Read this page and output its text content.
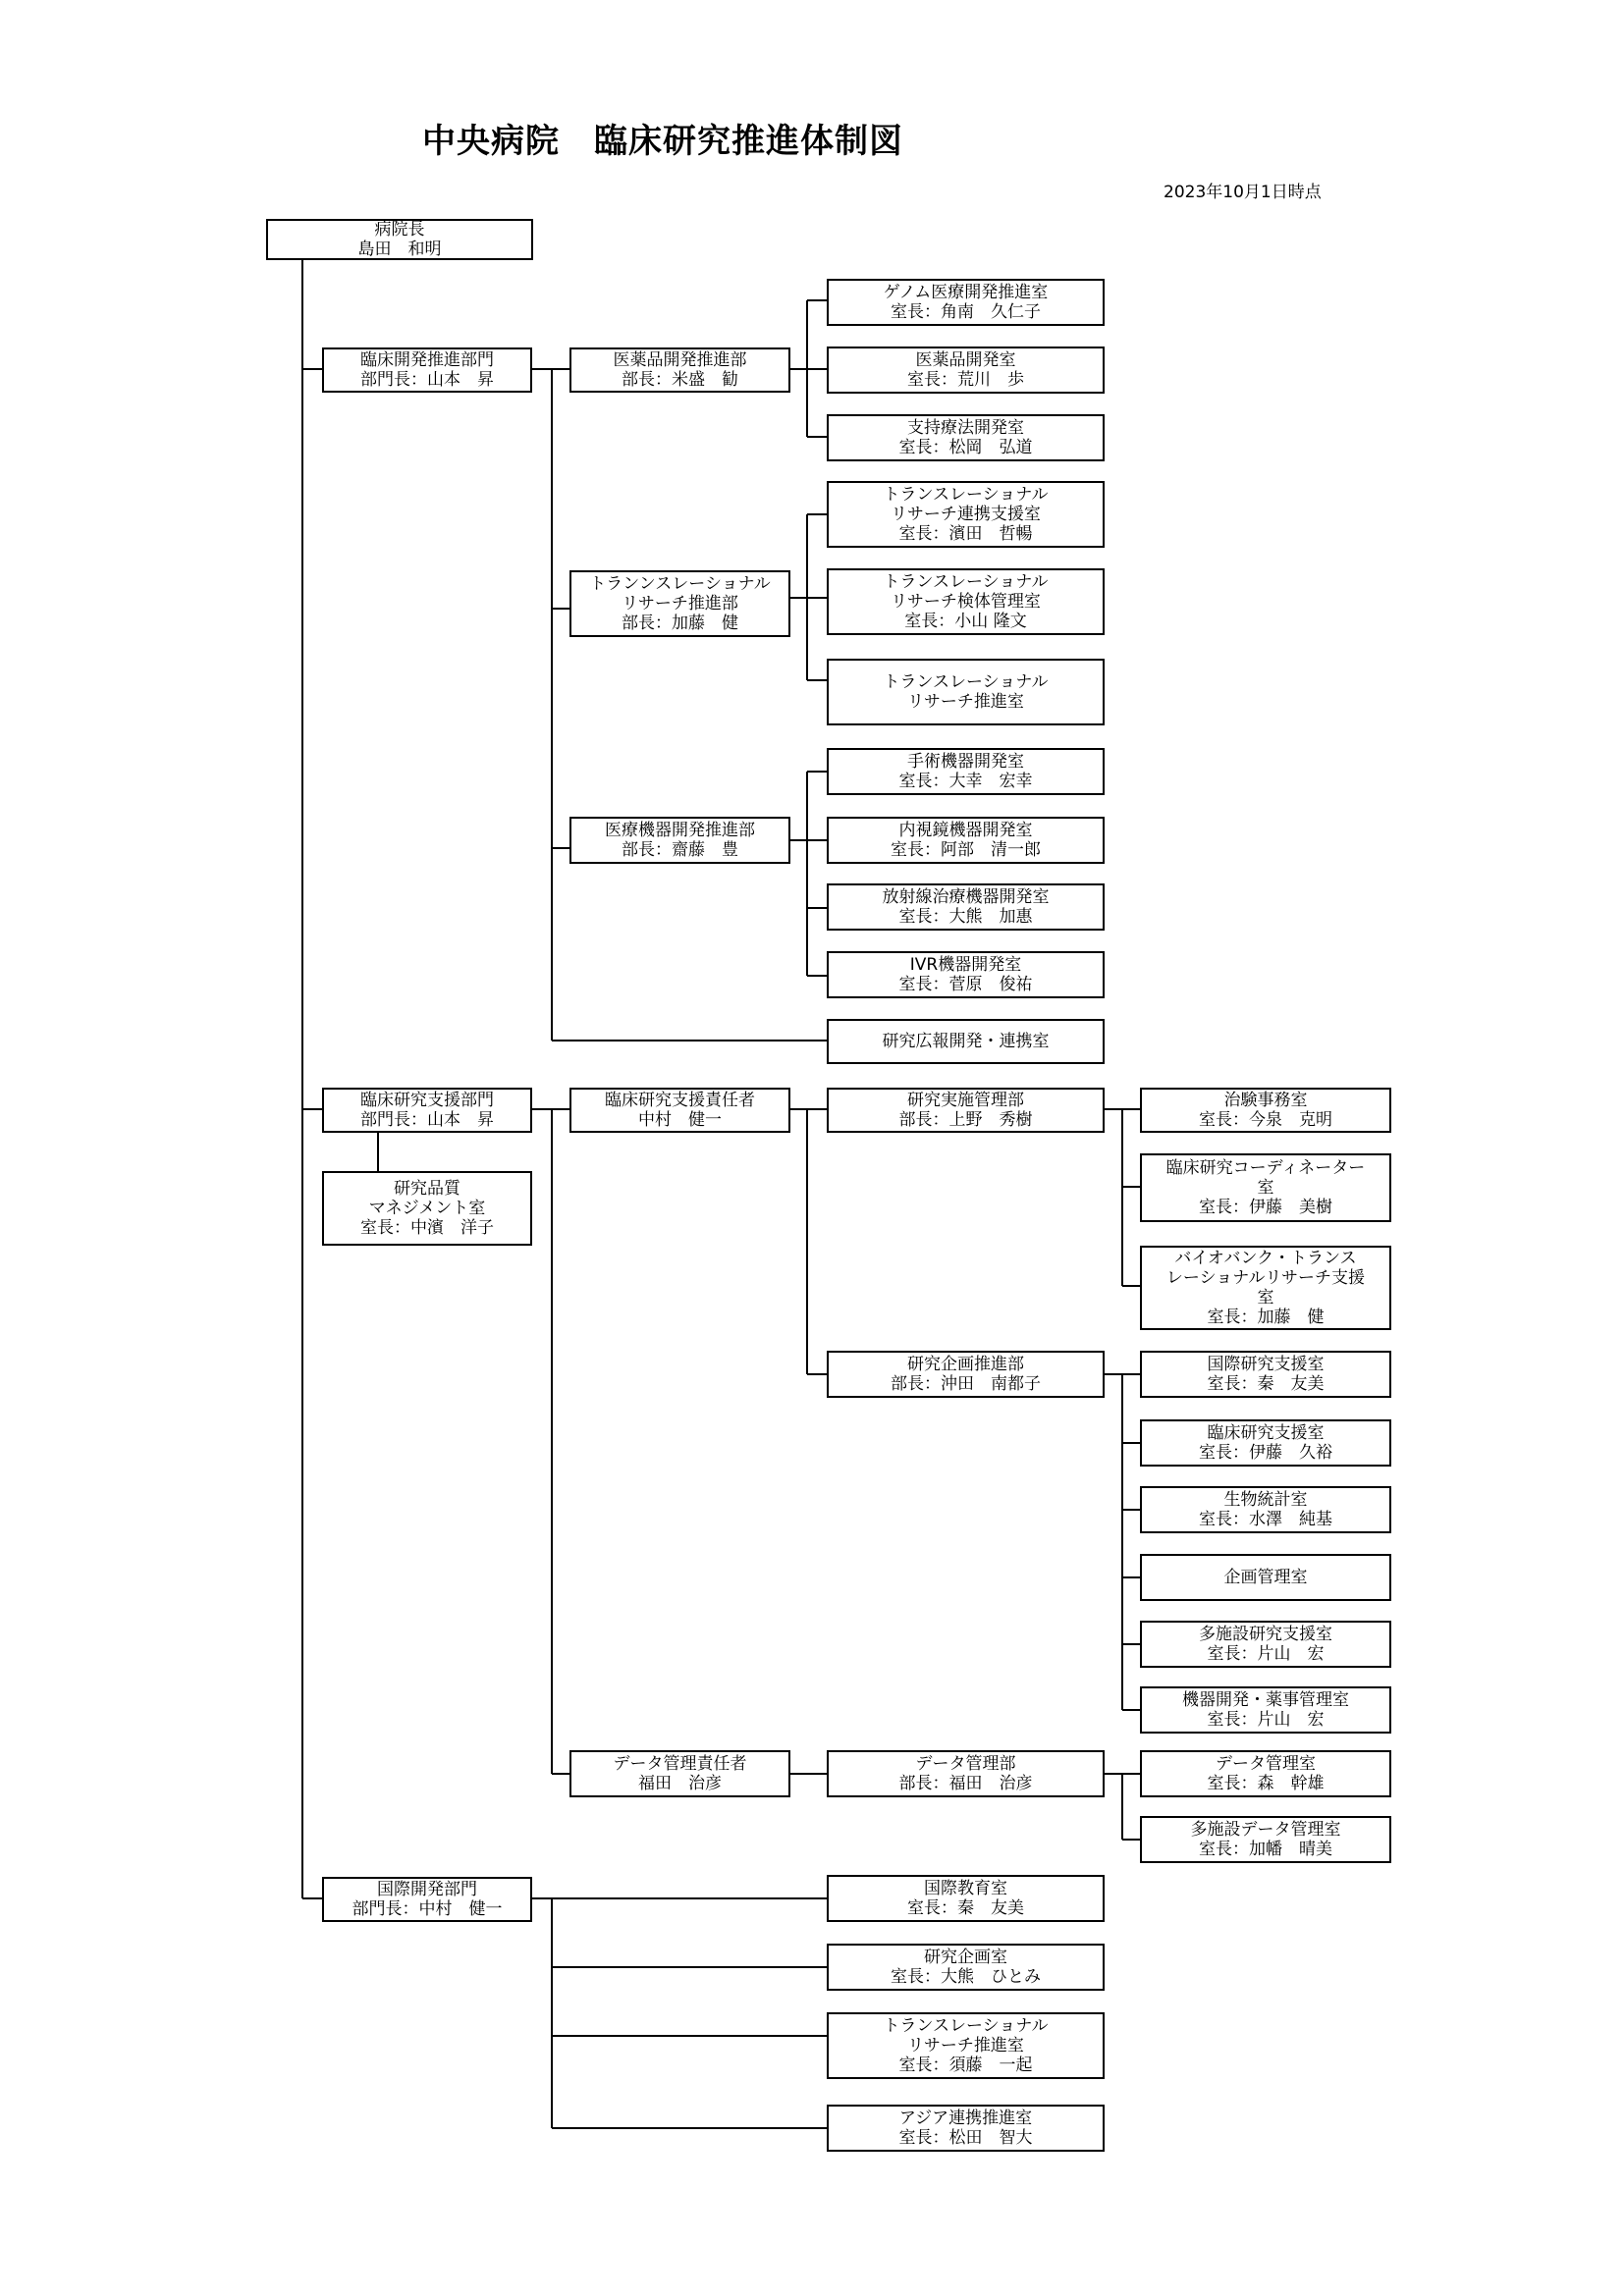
中央病院　臨床研究推進体制図
2023年10月1日時点
病院長
島田　和明
臨床開発推進部門
部門長：山本　昇
臨床研究支援部門
部門長：山本　昇
研究品質
マネジメント室
室長：中濱　洋子
国際開発部門
部門長：中村　健一
医薬品開発推進部
部長：米盛　勧
トランンスレーショナル
リサーチ推進部
部長：加藤　健
医療機器開発推進部
部長：齋藤　豊
ゲノム医療開発推進室
室長：角南　久仁子
医薬品開発室
室長：荒川　歩
支持療法開発室
室長：松岡　弘道
トランスレーショナル
リサーチ連携支援室
室長：濱田　哲暢
トランスレーショナル
リサーチ検体管理室
室長：小山 隆文
トランスレーショナル
リサーチ推進室
手術機器開発室
室長：大幸　宏幸
内視鏡機器開発室
室長：阿部　清一郎
放射線治療機器開発室
室長：大熊　加惠
IVR機器開発室
室長：菅原　俊祐
研究広報開発・連携室
臨床研究支援責任者
中村　健一
研究実施管理部
部長：上野　秀樹
研究企画推進部
部長：沖田　南都子
治験事務室
室長：今泉　克明
臨床研究コーディネーター
室
室長：伊藤　美樹
バイオバンク・トランス
レーショナルリサーチ支援
室
室長：加藤　健
国際研究支援室
室長：秦　友美
臨床研究支援室
室長：伊藤　久裕
生物統計室
室長：水澤　純基
企画管理室
多施設研究支援室
室長：片山　宏
機器開発・薬事管理室
室長：片山　宏
データ管理責任者
福田　治彦
データ管理部
部長：福田　治彦
データ管理室
室長：森　幹雄
多施設データ管理室
室長：加幡　晴美
国際教育室
室長：秦　友美
研究企画室
室長：大熊　ひとみ
トランスレーショナル
リサーチ推進室
室長：須藤　一起
アジア連携推進室
室長：松田　智大
